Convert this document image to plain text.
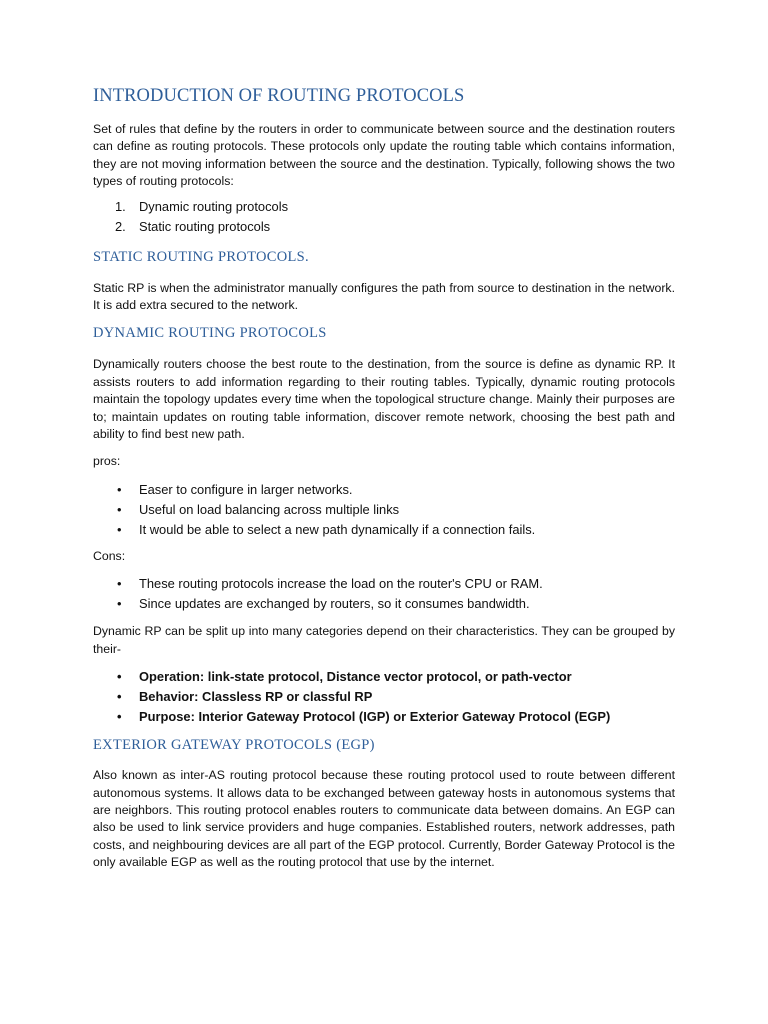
INTRODUCTION OF ROUTING PROTOCOLS

Set of rules that define by the routers in order to communicate between source and the destination routers can define as routing protocols. These protocols only update the routing table which contains information, they are not moving information between the source and the destination. Typically, following shows the two types of routing protocols:

1. Dynamic routing protocols
2. Static routing protocols
STATIC ROUTING PROTOCOLS.

Static RP is when the administrator manually configures the path from source to destination in the network. It is add extra secured to the network.

DYNAMIC ROUTING PROTOCOLS

Dynamically routers choose the best route to the destination, from the source is define as dynamic RP. It assists routers to add information regarding to their routing tables. Typically, dynamic routing protocols maintain the topology updates every time when the topological structure change. Mainly their purposes are to; maintain updates on routing table information, discover remote network, choosing the best path and ability to find best new path.

pros:

• Easer to configure in larger networks.
• Useful on load balancing across multiple links
• It would be able to select a new path dynamically if a connection fails.

Cons:

• These routing protocols increase the load on the router's CPU or RAM.
• Since updates are exchanged by routers, so it consumes bandwidth.

Dynamic RP can be split up into many categories depend on their characteristics. They can be grouped by their-

• Operation: link-state protocol, Distance vector protocol, or path-vector
• Behavior: Classless RP or classful RP
• Purpose: Interior Gateway Protocol (IGP) or Exterior Gateway Protocol (EGP)
EXTERIOR GATEWAY PROTOCOLS (EGP)

Also known as inter-AS routing protocol because these routing protocol used to route between different autonomous systems. It allows data to be exchanged between gateway hosts in autonomous systems that are neighbors. This routing protocol enables routers to communicate data between domains. An EGP can also be used to link service providers and huge companies. Established routers, network addresses, path costs, and neighbouring devices are all part of the EGP protocol. Currently, Border Gateway Protocol is the only available EGP as well as the routing protocol that use by the internet.
